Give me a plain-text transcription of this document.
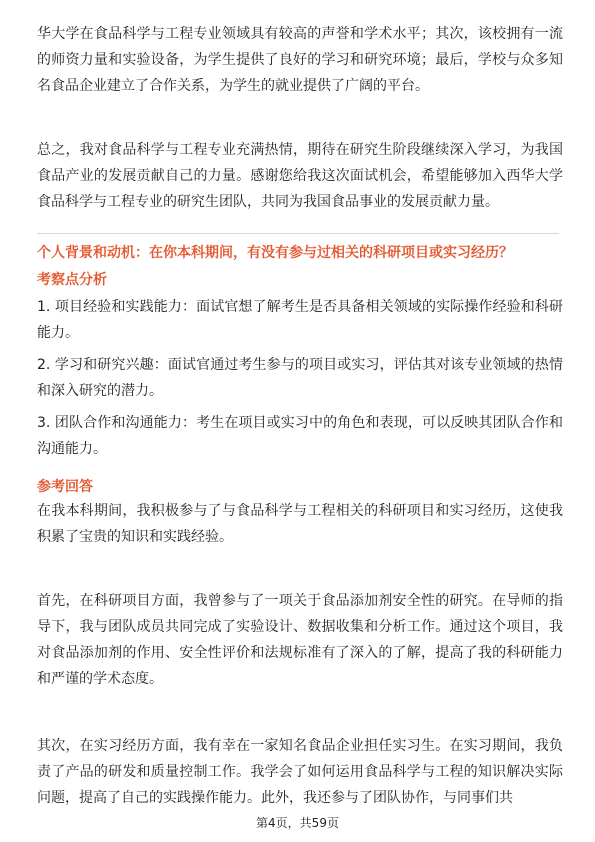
华大学在食品科学与工程专业领域具有较高的声誉和学术水平；其次，该校拥有一流的师资力量和实验设备，为学生提供了良好的学习和研究环境；最后，学校与众多知名食品企业建立了合作关系，为学生的就业提供了广阔的平台。

总之，我对食品科学与工程专业充满热情，期待在研究生阶段继续深入学习，为我国食品产业的发展贡献自己的力量。感谢您给我这次面试机会，希望能够加入西华大学食品科学与工程专业的研究生团队，共同为我国食品事业的发展贡献力量。

个人背景和动机：在你本科期间，有没有参与过相关的科研项目或实习经历？

考察点分析

1. 项目经验和实践能力：面试官想了解考生是否具备相关领域的实际操作经验和科研能力。

2. 学习和研究兴趣：面试官通过考生参与的项目或实习，评估其对该专业领域的热情和深入研究的潜力。

3. 团队合作和沟通能力：考生在项目或实习中的角色和表现，可以反映其团队合作和沟通能力。

参考回答

在我本科期间，我积极参与了与食品科学与工程相关的科研项目和实习经历，这使我积累了宝贵的知识和实践经验。

首先，在科研项目方面，我曾参与了一项关于食品添加剂安全性的研究。在导师的指导下，我与团队成员共同完成了实验设计、数据收集和分析工作。通过这个项目，我对食品添加剂的作用、安全性评价和法规标准有了深入的了解，提高了我的科研能力和严谨的学术态度。

其次，在实习经历方面，我有幸在一家知名食品企业担任实习生。在实习期间，我负责了产品的研发和质量控制工作。我学会了如何运用食品科学与工程的知识解决实际问题，提高了自己的实践操作能力。此外，我还参与了团队协作，与同事们共

第4页，共59页
